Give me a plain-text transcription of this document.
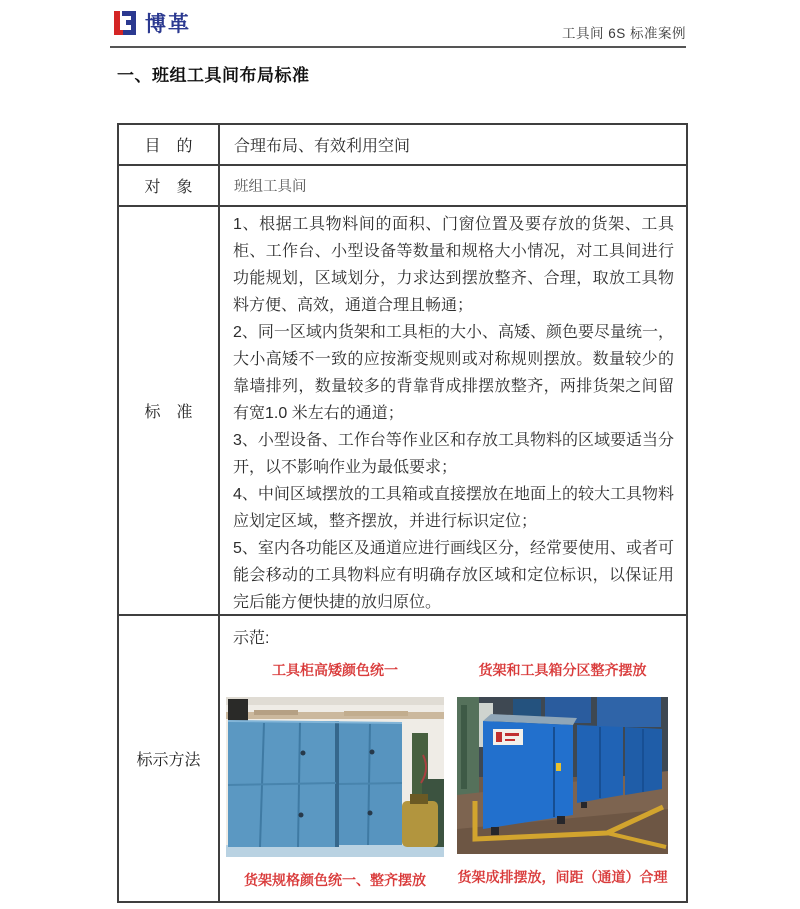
博革	工具间 6S 标准案例
一、班组工具间布局标准
目　的	合理布局、有效利用空间
对　象	班组工具间
标　准

1、根据工具物料间的面积、门窗位置及要存放的货架、工具柜、工作台、小型设备等数量和规格大小情况，对工具间进行功能规划，区域划分，力求达到摆放整齐、合理，取放工具物料方便、高效，通道合理且畅通；

2、同一区域内货架和工具柜的大小、高矮、颜色要尽量统一，大小高矮不一致的应按渐变规则或对称规则摆放。数量较少的靠墙排列，数量较多的背靠背成排摆放整齐，两排货架之间留有宽1.0 米左右的通道；

3、小型设备、工作台等作业区和存放工具物料的区域要适当分开，以不影响作业为最低要求；

4、中间区域摆放的工具箱或直接摆放在地面上的较大工具物料应划定区域，整齐摆放，并进行标识定位；

5、室内各功能区及通道应进行画线区分，经常要使用、或者可能会移动的工具物料应有明确存放区域和定位标识，以保证用完后能方便快捷的放归原位。

标示方法
示范:
工具柜高矮颜色统一
货架规格颜色统一、整齐摆放
货架和工具箱分区整齐摆放
货架成排摆放，间距（通道）合理
